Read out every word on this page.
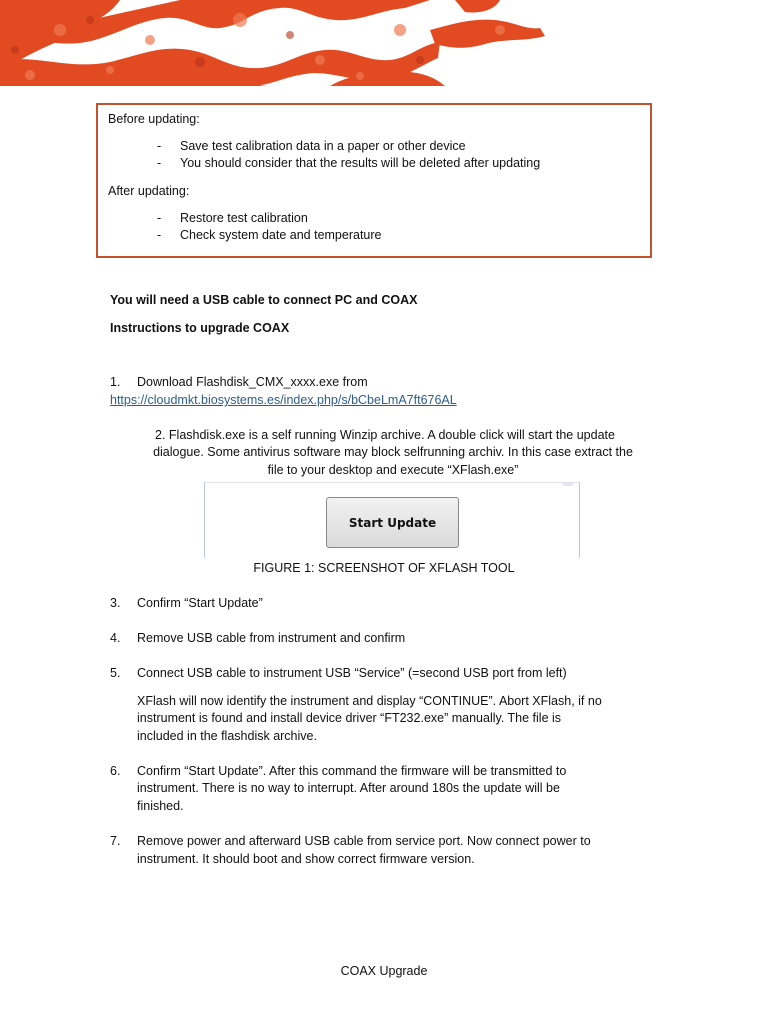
Before updating:
- Save test calibration data in a paper or other device
- You should consider that the results will be deleted after updating
After updating:
- Restore test calibration
- Check system date and temperature
You will need a USB cable to connect PC and COAX
Instructions to upgrade COAX
1. Download Flashdisk_CMX_xxxx.exe from
https://cloudmkt.biosystems.es/index.php/s/bCbeLmA7ft676AL
2. Flashdisk.exe is a self running Winzip archive. A double click will start the update
dialogue. Some antivirus software may block selfrunning archiv. In this case extract the
file to your desktop and execute “XFlash.exe”
Start Update
FIGURE 1: SCREENSHOT OF XFLASH TOOL
3. Confirm “Start Update”
4. Remove USB cable from instrument and confirm
5. Connect USB cable to instrument USB “Service” (=second USB port from left)
XFlash will now identify the instrument and display “CONTINUE”. Abort XFlash, if no
instrument is found and install device driver “FT232.exe” manually. The file is
included in the flashdisk archive.
6. Confirm “Start Update”. After this command the firmware will be transmitted to
instrument. There is no way to interrupt. After around 180s the update will be
finished.
7. Remove power and afterward USB cable from service port. Now connect power to
instrument. It should boot and show correct firmware version.
COAX Upgrade
